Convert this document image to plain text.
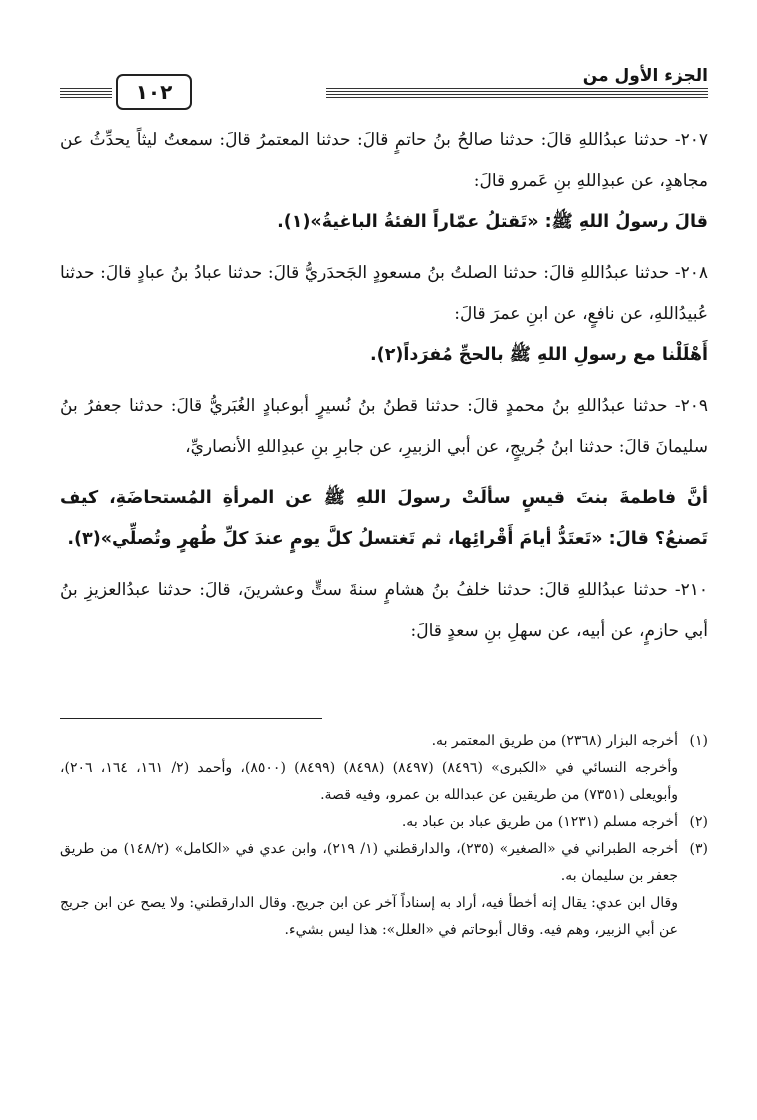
الجزء الأول من
١٠٢

٢٠٧- حدثنا عبدُاللهِ قالَ: حدثنا صالحُ بنُ حاتمٍ قالَ: حدثنا المعتمرُ قالَ: سمعتُ ليثاً يحدِّثُ عن مجاهدٍ، عن عبدِاللهِ بنِ عَمرو قالَ:

قالَ رسولُ اللهِ ﷺ: «تَقتلُ عمّاراً الفئةُ الباغيةُ»(١).

٢٠٨- حدثنا عبدُاللهِ قالَ: حدثنا الصلتُ بنُ مسعودٍ الجَحدَريُّ قالَ: حدثنا عبادُ بنُ عبادٍ قالَ: حدثنا عُبيدُاللهِ، عن نافعٍ، عن ابنِ عمرَ قالَ:

أَهْلَلْنا مع رسولِ اللهِ ﷺ بالحجِّ مُفرَداً(٢).

٢٠٩- حدثنا عبدُاللهِ بنُ محمدٍ قالَ: حدثنا قطنُ بنُ نُسيرٍ أبوعبادٍ الغُبَريُّ قالَ: حدثنا جعفرُ بنُ سليمانَ قالَ: حدثنا ابنُ جُريجٍ، عن أبي الزبيرِ، عن جابرِ بنِ عبدِاللهِ الأنصاريِّ،

أنَّ فاطمةَ بنتَ قيسٍ سألَتْ رسولَ اللهِ ﷺ عن المرأةِ المُستحاضَةِ، كيف تَصنعُ؟ قالَ: «تَعتَدُّ أيامَ أَقْرائِها، ثم تَغتسلُ كلَّ يومٍ عندَ كلِّ طُهرٍ وتُصلِّي»(٣).

٢١٠- حدثنا عبدُاللهِ قالَ: حدثنا خلفُ بنُ هشامٍ سنةَ ستٍّ وعشرينَ، قالَ: حدثنا عبدُالعزيزِ بنُ أبي حازمٍ، عن أبيه، عن سهلِ بنِ سعدٍ قالَ:

(١)
أخرجه البزار (٢٣٦٨) من طريق المعتمر به.

وأخرجه النسائي في «الكبرى» (٨٤٩٦) (٨٤٩٧) (٨٤٩٨) (٨٤٩٩) (٨٥٠٠)، وأحمد (٢/ ١٦١، ١٦٤، ٢٠٦)، وأبويعلى (٧٣٥١) من طريقين عن عبدالله بن عمرو، وفيه قصة.

(٢)
أخرجه مسلم (١٢٣١) من طريق عباد بن عباد به.
(٣)
أخرجه الطبراني في «الصغير» (٢٣٥)، والدارقطني (١/ ٢١٩)، وابن عدي في «الكامل» (١٤٨/٢) من طريق جعفر بن سليمان به.

وقال ابن عدي: يقال إنه أخطأ فيه، أراد به إسناداً آخر عن ابن جريج. وقال الدارقطني: ولا يصح عن ابن جريج عن أبي الزبير، وهم فيه. وقال أبوحاتم في «العلل»: هذا ليس بشيء.
